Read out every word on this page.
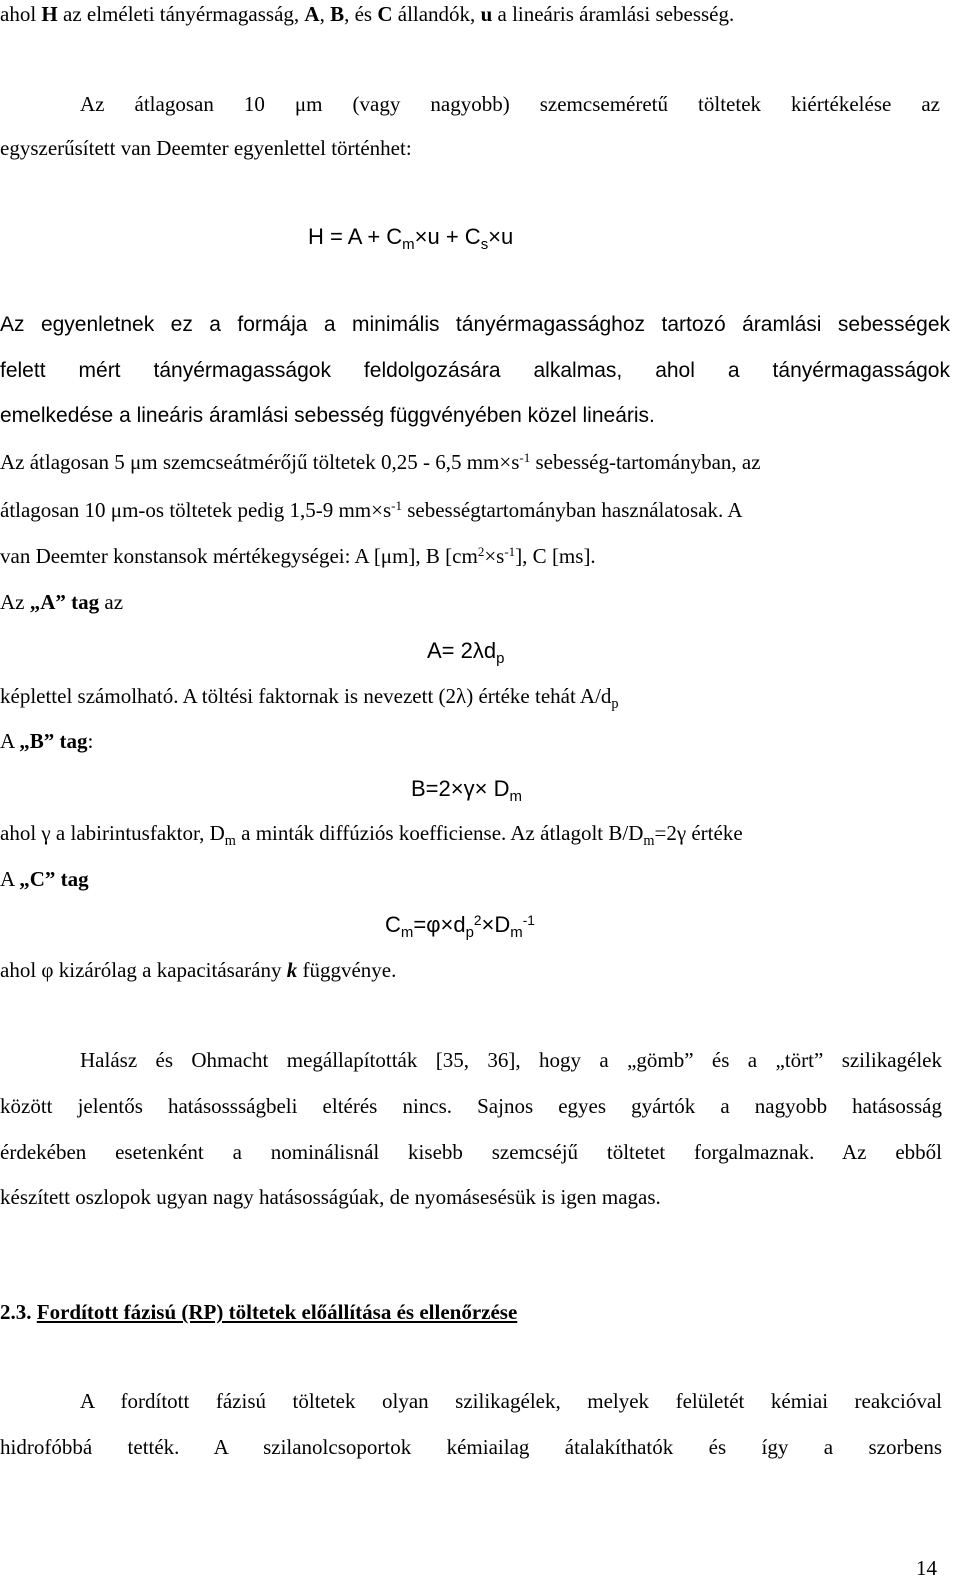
ahol H az elméleti tányérmagasság, A, B, és C állandók, u a lineáris áramlási sebesség.
Az átlagosan 10 μm (vagy nagyobb) szemcseméretű töltetek kiértékelése az
egyszerűsített van Deemter egyenlettel történhet:
$H = A + C_m\times u + C_s\times u$
Az egyenletnek ez a formája a minimális tányérmagassághoz tartozó áramlási sebességek
felett mért tányérmagasságok feldolgozására alkalmas, ahol a tányérmagasságok
emelkedése a lineáris áramlási sebesség függvényében közel lineáris.
Az átlagosan 5 μm szemcseátmérőjű töltetek 0,25 - 6,5 $mm\times s^{-1}$ sebesség-tartományban, az
átlagosan 10 μm-os töltetek pedig 1,5-9 $mm\times s^{-1}$ sebességtartományban használatosak. A
van Deemter konstansok mértékegységei: A [μm], B $[cm^2\times s^{-1}]$, C [ms].
Az „A” tag az
$A= 2\lambda d_p$
képlettel számolható. A töltési faktornak is nevezett (2λ) értéke tehát $A/d_p$
A „B” tag:
$B=2\times\gamma\times D_m$
ahol γ a labirintusfaktor, $D_m$ a minták diffúziós koefficiense. Az átlagolt $B/D_m=2\gamma$ értéke
A „C” tag
$C_m=\varphi\times d_p^2\times D_m^{-1}$
ahol φ kizárólag a kapacitásarány k függvénye.
Halász és Ohmacht megállapították [35, 36], hogy a „gömb” és a „tört” szilikagélek
között jelentős hatásossságbeli eltérés nincs. Sajnos egyes gyártók a nagyobb hatásosság
érdekében esetenként a nominálisnál kisebb szemcséjű töltetet forgalmaznak. Az ebből
készített oszlopok ugyan nagy hatásosságúak, de nyomásesésük is igen magas.
2.3. Fordított fázisú (RP) töltetek előállítása és ellenőrzése
A fordított fázisú töltetek olyan szilikagélek, melyek felületét kémiai reakcióval
hidrofóbbá tették. A szilanolcsoportok kémiailag átalakíthatók és így a szorbens
14
